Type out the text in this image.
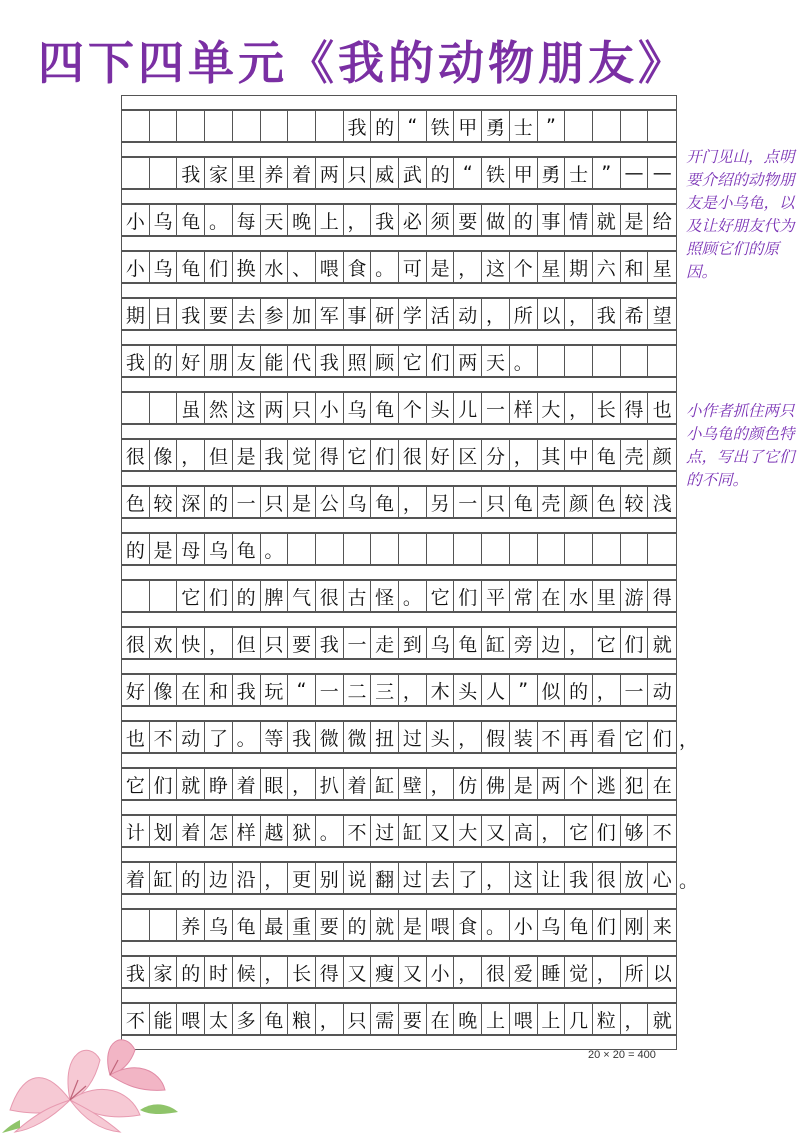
四下四单元《我的动物朋友》
我 的 “ 铁 甲 勇 士 ”
我 家 里 养 着 两 只 威 武 的 “ 铁 甲 勇 士 ” — —
小 乌 龟 。 每 天 晚 上 ， 我 必 须 要 做 的 事 情 就 是 给
小 乌 龟 们 换 水 、 喂 食 。 可 是 ， 这 个 星 期 六 和 星
期 日 我 要 去 参 加 军 事 研 学 活 动 ， 所 以 ， 我 希 望
我 的 好 朋 友 能 代 我 照 顾 它 们 两 天 。
虽 然 这 两 只 小 乌 龟 个 头 儿 一 样 大 ， 长 得 也
很 像 ， 但 是 我 觉 得 它 们 很 好 区 分 ， 其 中 龟 壳 颜
色 较 深 的 一 只 是 公 乌 龟 ， 另 一 只 龟 壳 颜 色 较 浅
的 是 母 乌 龟 。
它 们 的 脾 气 很 古 怪 。 它 们 平 常 在 水 里 游 得
很 欢 快 ， 但 只 要 我 一 走 到 乌 龟 缸 旁 边 ， 它 们 就
好 像 在 和 我 玩 “ 一 二 三 ， 木 头 人 ” 似 的 ， 一 动
也 不 动 了 。 等 我 微 微 扭 过 头 ， 假 装 不 再 看 它 们
它 们 就 睁 着 眼 ， 扒 着 缸 壁 ， 仿 佛 是 两 个 逃 犯 在
计 划 着 怎 样 越 狱 。 不 过 缸 又 大 又 高 ， 它 们 够 不
着 缸 的 边 沿 ， 更 别 说 翻 过 去 了 ， 这 让 我 很 放 心
养 乌 龟 最 重 要 的 就 是 喂 食 。 小 乌 龟 们 刚 来
我 家 的 时 候 ， 长 得 又 瘦 又 小 ， 很 爱 睡 觉 ， 所 以
不 能 喂 太 多 龟 粮 ， 只 需 要 在 晚 上 喂 上 几 粒 ， 就
开门见山，点明要介绍的动物朋友是小乌龟，以及让好朋友代为照顾它们的原因。
小作者抓住两只小乌龟的颜色特点，写出了它们的不同。
20 × 20 = 400
，
。
